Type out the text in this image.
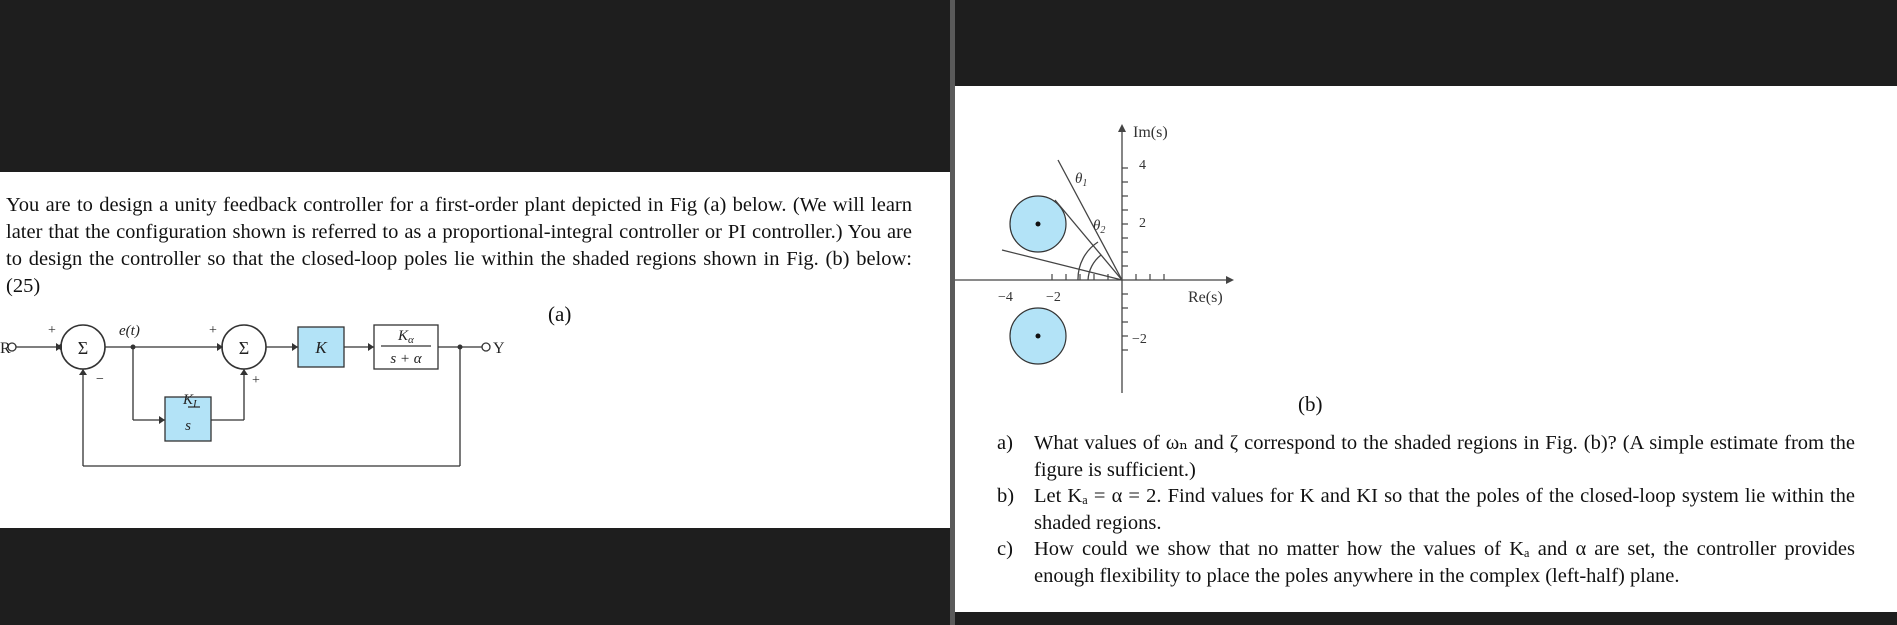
You are to design a unity feedback controller for a first-order plant depicted in Fig (a) below. (We will learn later that the configuration shown is referred to as a proportional-integral controller or PI controller.) You are to design the controller so that the closed-loop poles lie within the shaded regions shown in Fig. (b) below: (25)

R	Y
e(t)
Σ	Σ
+
−
+
+
K
$K_I$
s
$K_\alpha$
s + α
(a)
Im(s)
Re(s)
−4 −2
4
2
−2
$\theta_1$
$\theta_2$
(b)
a) What values of ωₙ and ζ correspond to the shaded regions in Fig. (b)? (A simple estimate from the figure is sufficient.)
b) Let Kₐ = α = 2. Find values for K and KI so that the poles of the closed-loop system lie within the shaded regions.
c) How could we show that no matter how the values of Kₐ and α are set, the controller provides enough flexibility to place the poles anywhere in the complex (left-half) plane.
